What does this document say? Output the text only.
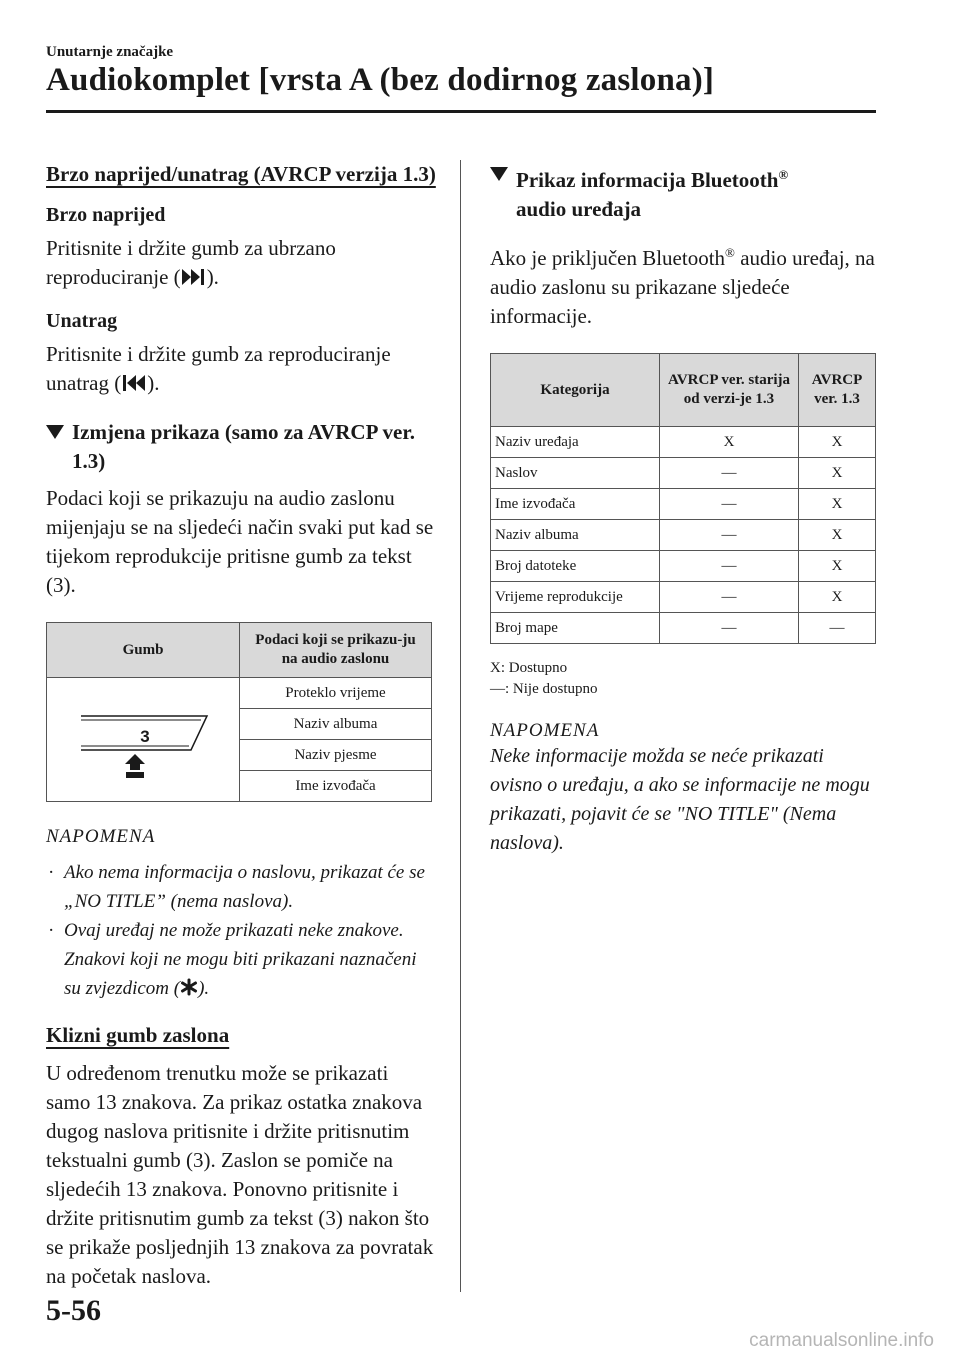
Unutarnje značajke
Audiokomplet [vrsta A (bez dodirnog zaslona)]

Brzo naprijed/unatrag (AVRCP verzija 1.3)

Brzo naprijed

Pritisnite i držite gumb za ubrzano reproduciranje ( ).

Unatrag

Pritisnite i držite gumb za reproduciranje unatrag ( ).

Izmjena prikaza (samo za AVRCP ver. 1.3)

Podaci koji se prikazuju na audio zaslonu mijenjaju se na sljedeći način svaki put kad se tijekom reprodukcije pritisne gumb za tekst (3).

Gumb	Podaci koji se prikazu-ju na audio zaslonu

3	Proteklo vrijeme
	Naziv albuma
	Naziv pjesme
	Ime izvođača

NAPOMENA

· Ako nema informacija o naslovu, prikazat će se „NO TITLE” (nema naslova).

· Ovaj uređaj ne može prikazati neke znakove. Znakovi koji ne mogu biti prikazani naznačeni su zvjezdicom ( ).

Klizni gumb zaslona

U određenom trenutku može se prikazati samo 13 znakova. Za prikaz ostatka znakova dugog naslova pritisnite i držite pritisnutim tekstualni gumb (3). Zaslon se pomiče na sljedećih 13 znakova. Ponovno pritisnite i držite pritisnutim gumb za tekst (3) nakon što se prikaže posljednjih 13 znakova za povratak na početak naslova.

Prikaz informacija Bluetooth®
audio uređaja

Ako je priključen Bluetooth® audio uređaj, na audio zaslonu su prikazane sljedeće informacije.

Kategorija	AVRCP ver. starija od verzi-je 1.3	AVRCP ver. 1.3
Naziv uređaja	X	X
Naslov	—	X
Ime izvođača	—	X
Naziv albuma	—	X
Broj datoteke	—	X
Vrijeme reprodukcije	—	X
Broj mape	—	—
X: Dostupno
—: Nije dostupno

NAPOMENA

Neke informacije možda se neće prikazati ovisno o uređaju, a ako se informacije ne mogu prikazati, pojavit će se "NO TITLE" (Nema naslova).

5-56
carmanualsonline.info
